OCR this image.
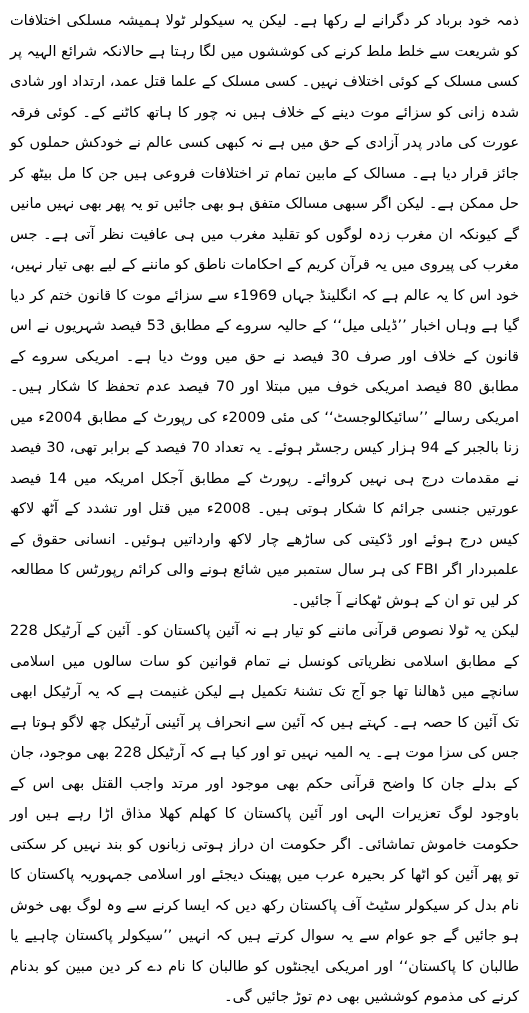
ذمہ خود برباد کر دگرانے لے رکھا ہے۔ لیکن یہ سیکولر ٹولا ہمیشہ مسلکی اختلافات کو شریعت سے خلط ملط کرنے کی کوششوں میں لگا رہتا ہے حالانکہ شرائع الہیہ پر کسی مسلک کے کوئی اختلاف نہیں۔ کسی مسلک کے علما قتل عمد، ارتداد اور شادی شدہ زانی کو سزائے موت دینے کے خلاف ہیں نہ چور کا ہاتھ کاٹنے کے۔ کوئی فرقہ عورت کی مادر پدر آزادی کے حق میں ہے نہ کبھی کسی عالم نے خودکش حملوں کو جائز قرار دیا ہے۔ مسالک کے مابین تمام تر اختلافات فروعی ہیں جن کا مل بیٹھ کر حل ممکن ہے۔ لیکن اگر سبھی مسالک متفق ہو بھی جائیں تو یہ پھر بھی نہیں مانیں گے کیونکہ ان مغرب زدہ لوگوں کو تقلید مغرب میں ہی عافیت نظر آتی ہے۔ جس مغرب کی پیروی میں یہ قرآن کریم کے احکامات ناطق کو ماننے کے لیے بھی تیار نہیں، خود اس کا یہ عالم ہے کہ انگلینڈ جہاں 1969ء سے سزائے موت کا قانون ختم کر دیا گیا ہے وہاں اخبار ’’ڈیلی میل‘‘ کے حالیہ سروے کے مطابق 53 فیصد شہریوں نے اس قانون کے خلاف اور صرف 30 فیصد نے حق میں ووٹ دیا ہے۔ امریکی سروے کے مطابق 80 فیصد امریکی خوف میں مبتلا اور 70 فیصد عدم تحفظ کا شکار ہیں۔ امریکی رسالے ’’سائیکالوجسٹ‘‘ کی مئی 2009ء کی رپورٹ کے مطابق 2004ء میں زنا بالجبر کے 94 ہزار کیس رجسٹر ہوئے۔ یہ تعداد 70 فیصد کے برابر تھی، 30 فیصد نے مقدمات درج ہی نہیں کروائے۔ رپورٹ کے مطابق آجکل امریکہ میں 14 فیصد عورتیں جنسی جرائم کا شکار ہوتی ہیں۔ 2008ء میں قتل اور تشدد کے آٹھ لاکھ کیس درج ہوئے اور ڈکیتی کی ساڑھے چار لاکھ وارداتیں ہوئیں۔ انسانی حقوق کے علمبردار اگر FBI کی ہر سال ستمبر میں شائع ہونے والی کرائم رپورٹس کا مطالعہ کر لیں تو ان کے ہوش ٹھکانے آ جائیں۔

لیکن یہ ٹولا نصوص قرآنی ماننے کو تیار ہے نہ آئین پاکستان کو۔ آئین کے آرٹیکل 228 کے مطابق اسلامی نظریاتی کونسل نے تمام قوانین کو سات سالوں میں اسلامی سانچے میں ڈھالنا تھا جو آج تک تشنۂ تکمیل ہے لیکن غنیمت ہے کہ یہ آرٹیکل ابھی تک آئین کا حصہ ہے۔ کہتے ہیں کہ آئین سے انحراف پر آئینی آرٹیکل چھ لاگو ہوتا ہے جس کی سزا موت ہے۔ یہ المیہ نہیں تو اور کیا ہے کہ آرٹیکل 228 بھی موجود، جان کے بدلے جان کا واضح قرآنی حکم بھی موجود اور مرتد واجب القتل بھی اس کے باوجود لوگ تعزیرات الہی اور آئین پاکستان کا کھلم کھلا مذاق اڑا رہے ہیں اور حکومت خاموش تماشائی۔ اگر حکومت ان دراز ہوتی زبانوں کو بند نہیں کر سکتی تو پھر آئین کو اٹھا کر بحیرہ عرب میں پھینک دیجئے اور اسلامی جمہوریہ پاکستان کا نام بدل کر سیکولر سٹیٹ آف پاکستان رکھ دیں کہ ایسا کرنے سے وہ لوگ بھی خوش ہو جائیں گے جو عوام سے یہ سوال کرتے ہیں کہ انہیں ’’سیکولر پاکستان چاہیے یا طالبان کا پاکستان‘‘ اور امریکی ایجنٹوں کو طالبان کا نام دے کر دین مبین کو بدنام کرنے کی مذموم کوششیں بھی دم توڑ جائیں گی۔
